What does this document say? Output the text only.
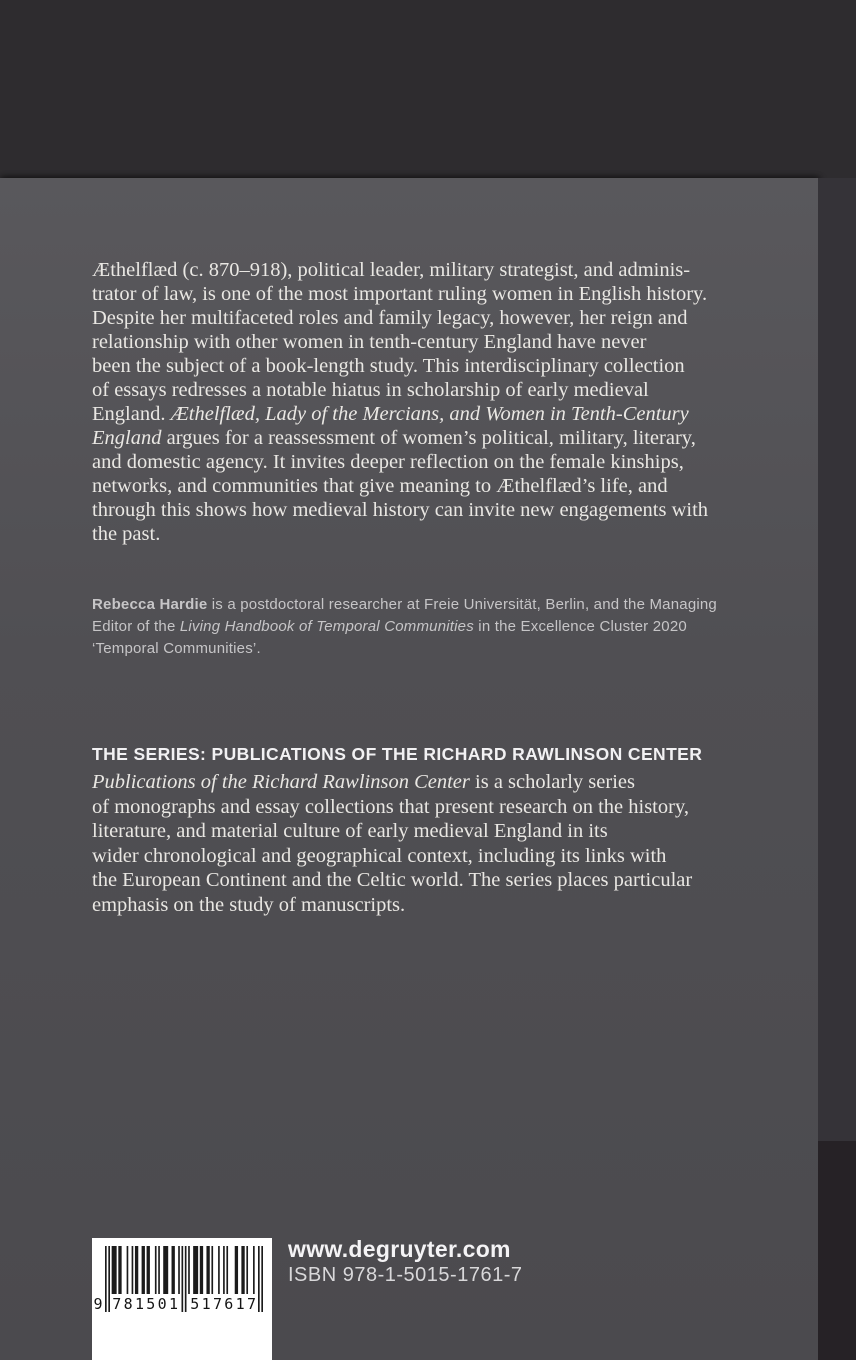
Æthelflæd (c. 870–918), political leader, military strategist, and adminis-
trator of law, is one of the most important ruling women in English history.
Despite her multifaceted roles and family legacy, however, her reign and
relationship with other women in tenth-century England have never
been the subject of a book-length study. This interdisciplinary collection
of essays redresses a notable hiatus in scholarship of early medieval
England. Æthelflæd, Lady of the Mercians, and Women in Tenth-Century
England argues for a reassessment of women’s political, military, literary,
and domestic agency. It invites deeper reflection on the female kinships,
networks, and communities that give meaning to Æthelflæd’s life, and
through this shows how medieval history can invite new engagements with
the past.
Rebecca Hardie is a postdoctoral researcher at Freie Universität, Berlin, and the Managing
Editor of the Living Handbook of Temporal Communities in the Excellence Cluster 2020
‘Temporal Communities’.
THE SERIES: PUBLICATIONS OF THE RICHARD RAWLINSON CENTER
Publications of the Richard Rawlinson Center is a scholarly series
of monographs and essay collections that present research on the history,
literature, and material culture of early medieval England in its
wider chronological and geographical context, including its links with
the European Continent and the Celtic world. The series places particular
emphasis on the study of manuscripts.
9 781501 517617
www.degruyter.com
ISBN 978-1-5015-1761-7
